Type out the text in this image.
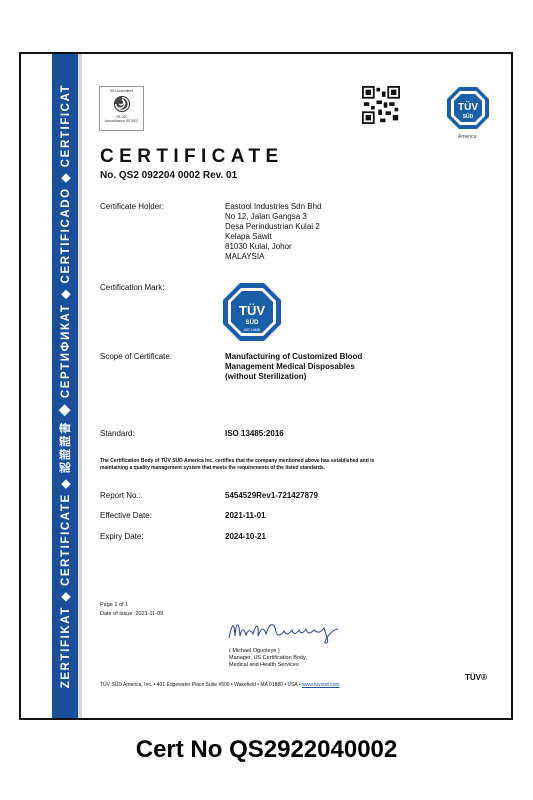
ZERTIFIKAT ◆ CERTIFICATE ◆ 認證證書 ◆ СЕРТИФИКАТ ◆ CERTIFICADO ◆ CERTIFICAT	ISO Accredited
CB 020
Accreditation ISO/IEC
TÜV
SÜD
America
CERTIFICATE
No. QS2 092204 0002 Rev. 01
Certificate Holder:	Eastool Industries Sdn Bhd
No 12, Jalan Gangsa 3
Desa Perindustrian Kulai 2
Kelapa Sawit
81030 Kulai, Johor
MALAYSIA
Certification Mark:
TÜV
SÜD
ISO 13485
Scope of Certificate:	Manufacturing of Customized Blood
Management Medical Disposables
(without Sterilization)
Standard:	ISO 13485:2016
The Certification Body of TÜV SÜD America Inc. certifies that the company mentioned above has established and is
maintaining a quality management system that meets the requirements of the listed standards.
Report No.:	5454529Rev1-721427879
Effective Date:	2021-11-01
Expiry Date:	2024-10-21
Page 1 of 1
Date of Issue: 2021-11-09
( Michael Ogunleye )
Manager, US Certification Body,
Medical and Health Services
TÜV®
TÜV SÜD America, Inc. • 401 Edgewater Place Suite #500 • Wakefield • MA 01880 • USA • www.tuvsud.com
Cert No QS2922040002
